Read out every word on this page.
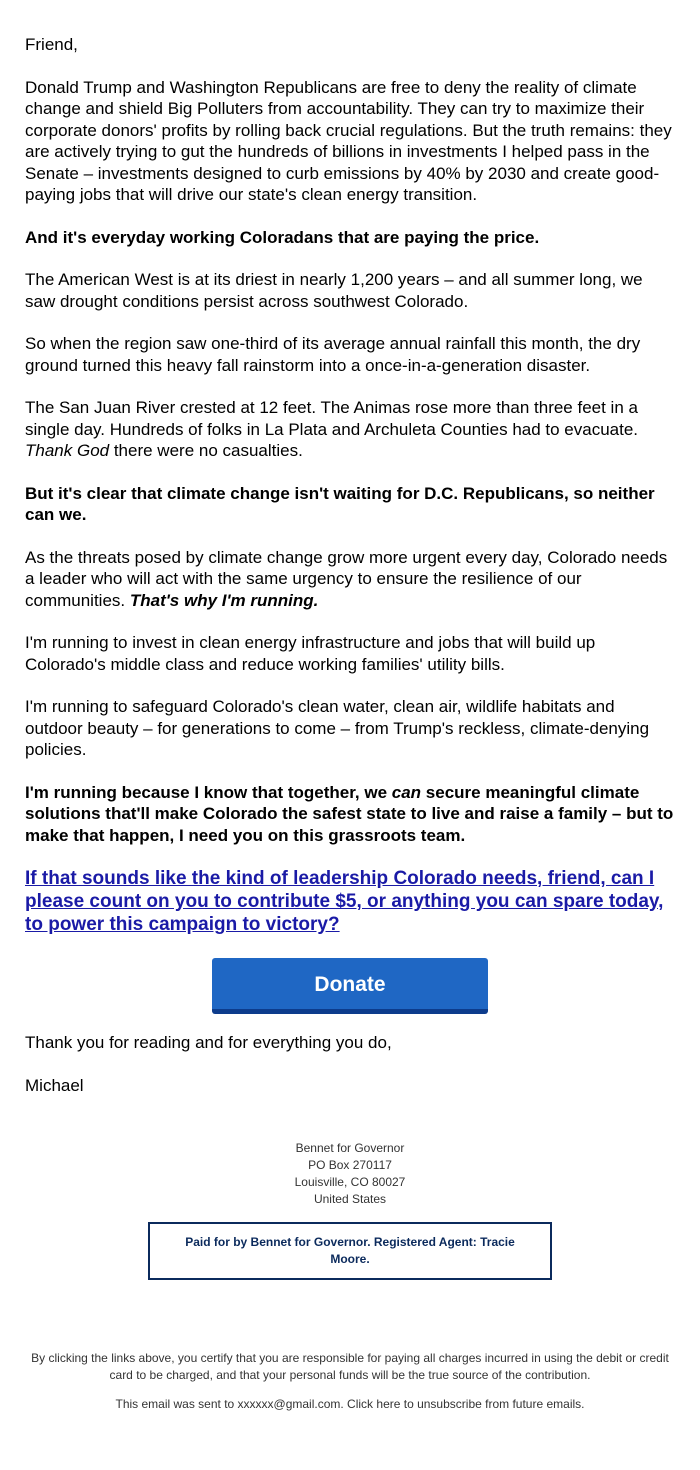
Friend,

Donald Trump and Washington Republicans are free to deny the reality of climate change and shield Big Polluters from accountability. They can try to maximize their corporate donors' profits by rolling back crucial regulations. But the truth remains: they are actively trying to gut the hundreds of billions in investments I helped pass in the Senate – investments designed to curb emissions by 40% by 2030 and create good-paying jobs that will drive our state's clean energy transition.

And it's everyday working Coloradans that are paying the price.

The American West is at its driest in nearly 1,200 years – and all summer long, we saw drought conditions persist across southwest Colorado.

So when the region saw one-third of its average annual rainfall this month, the dry ground turned this heavy fall rainstorm into a once-in-a-generation disaster.

The San Juan River crested at 12 feet. The Animas rose more than three feet in a single day. Hundreds of folks in La Plata and Archuleta Counties had to evacuate.
Thank God there were no casualties.

But it's clear that climate change isn't waiting for D.C. Republicans, so neither can we.

As the threats posed by climate change grow more urgent every day, Colorado needs a leader who will act with the same urgency to ensure the resilience of our communities. That's why I'm running.

I'm running to invest in clean energy infrastructure and jobs that will build up Colorado's middle class and reduce working families' utility bills.

I'm running to safeguard Colorado's clean water, clean air, wildlife habitats and outdoor beauty – for generations to come – from Trump's reckless, climate-denying policies.

I'm running because I know that together, we can secure meaningful climate solutions that'll make Colorado the safest state to live and raise a family – but to make that happen, I need you on this grassroots team.

If that sounds like the kind of leadership Colorado needs, friend, can I please count on you to contribute $5, or anything you can spare today, to power this campaign to victory?

Donate

Thank you for reading and for everything you do,

Michael

Bennet for Governor
PO Box 270117
Louisville, CO 80027
United States
Paid for by Bennet for Governor. Registered Agent: Tracie Moore.

By clicking the links above, you certify that you are responsible for paying all charges incurred in using the debit or credit card to be charged, and that your personal funds will be the true source of the contribution.

This email was sent to xxxxxx@gmail.com. Click here to unsubscribe from future emails.
